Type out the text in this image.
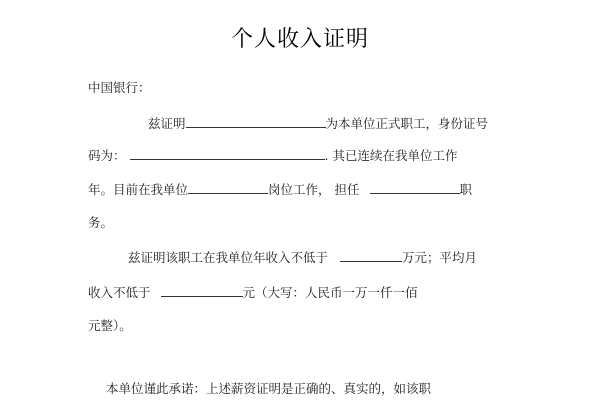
个人收入证明
中国银行：
兹证明	为本单位正式职工，身份证号
码为：	. 其已连续在我单位工作
年。目前在我单位	岗位工作， 担任	职
务。
兹证明该职工在我单位年收入不低于	万元；平均月
收入不低于	元（大写：人民币一万一仟一佰
元整）。
本单位谨此承诺：上述薪资证明是正确的、真实的，如该职
